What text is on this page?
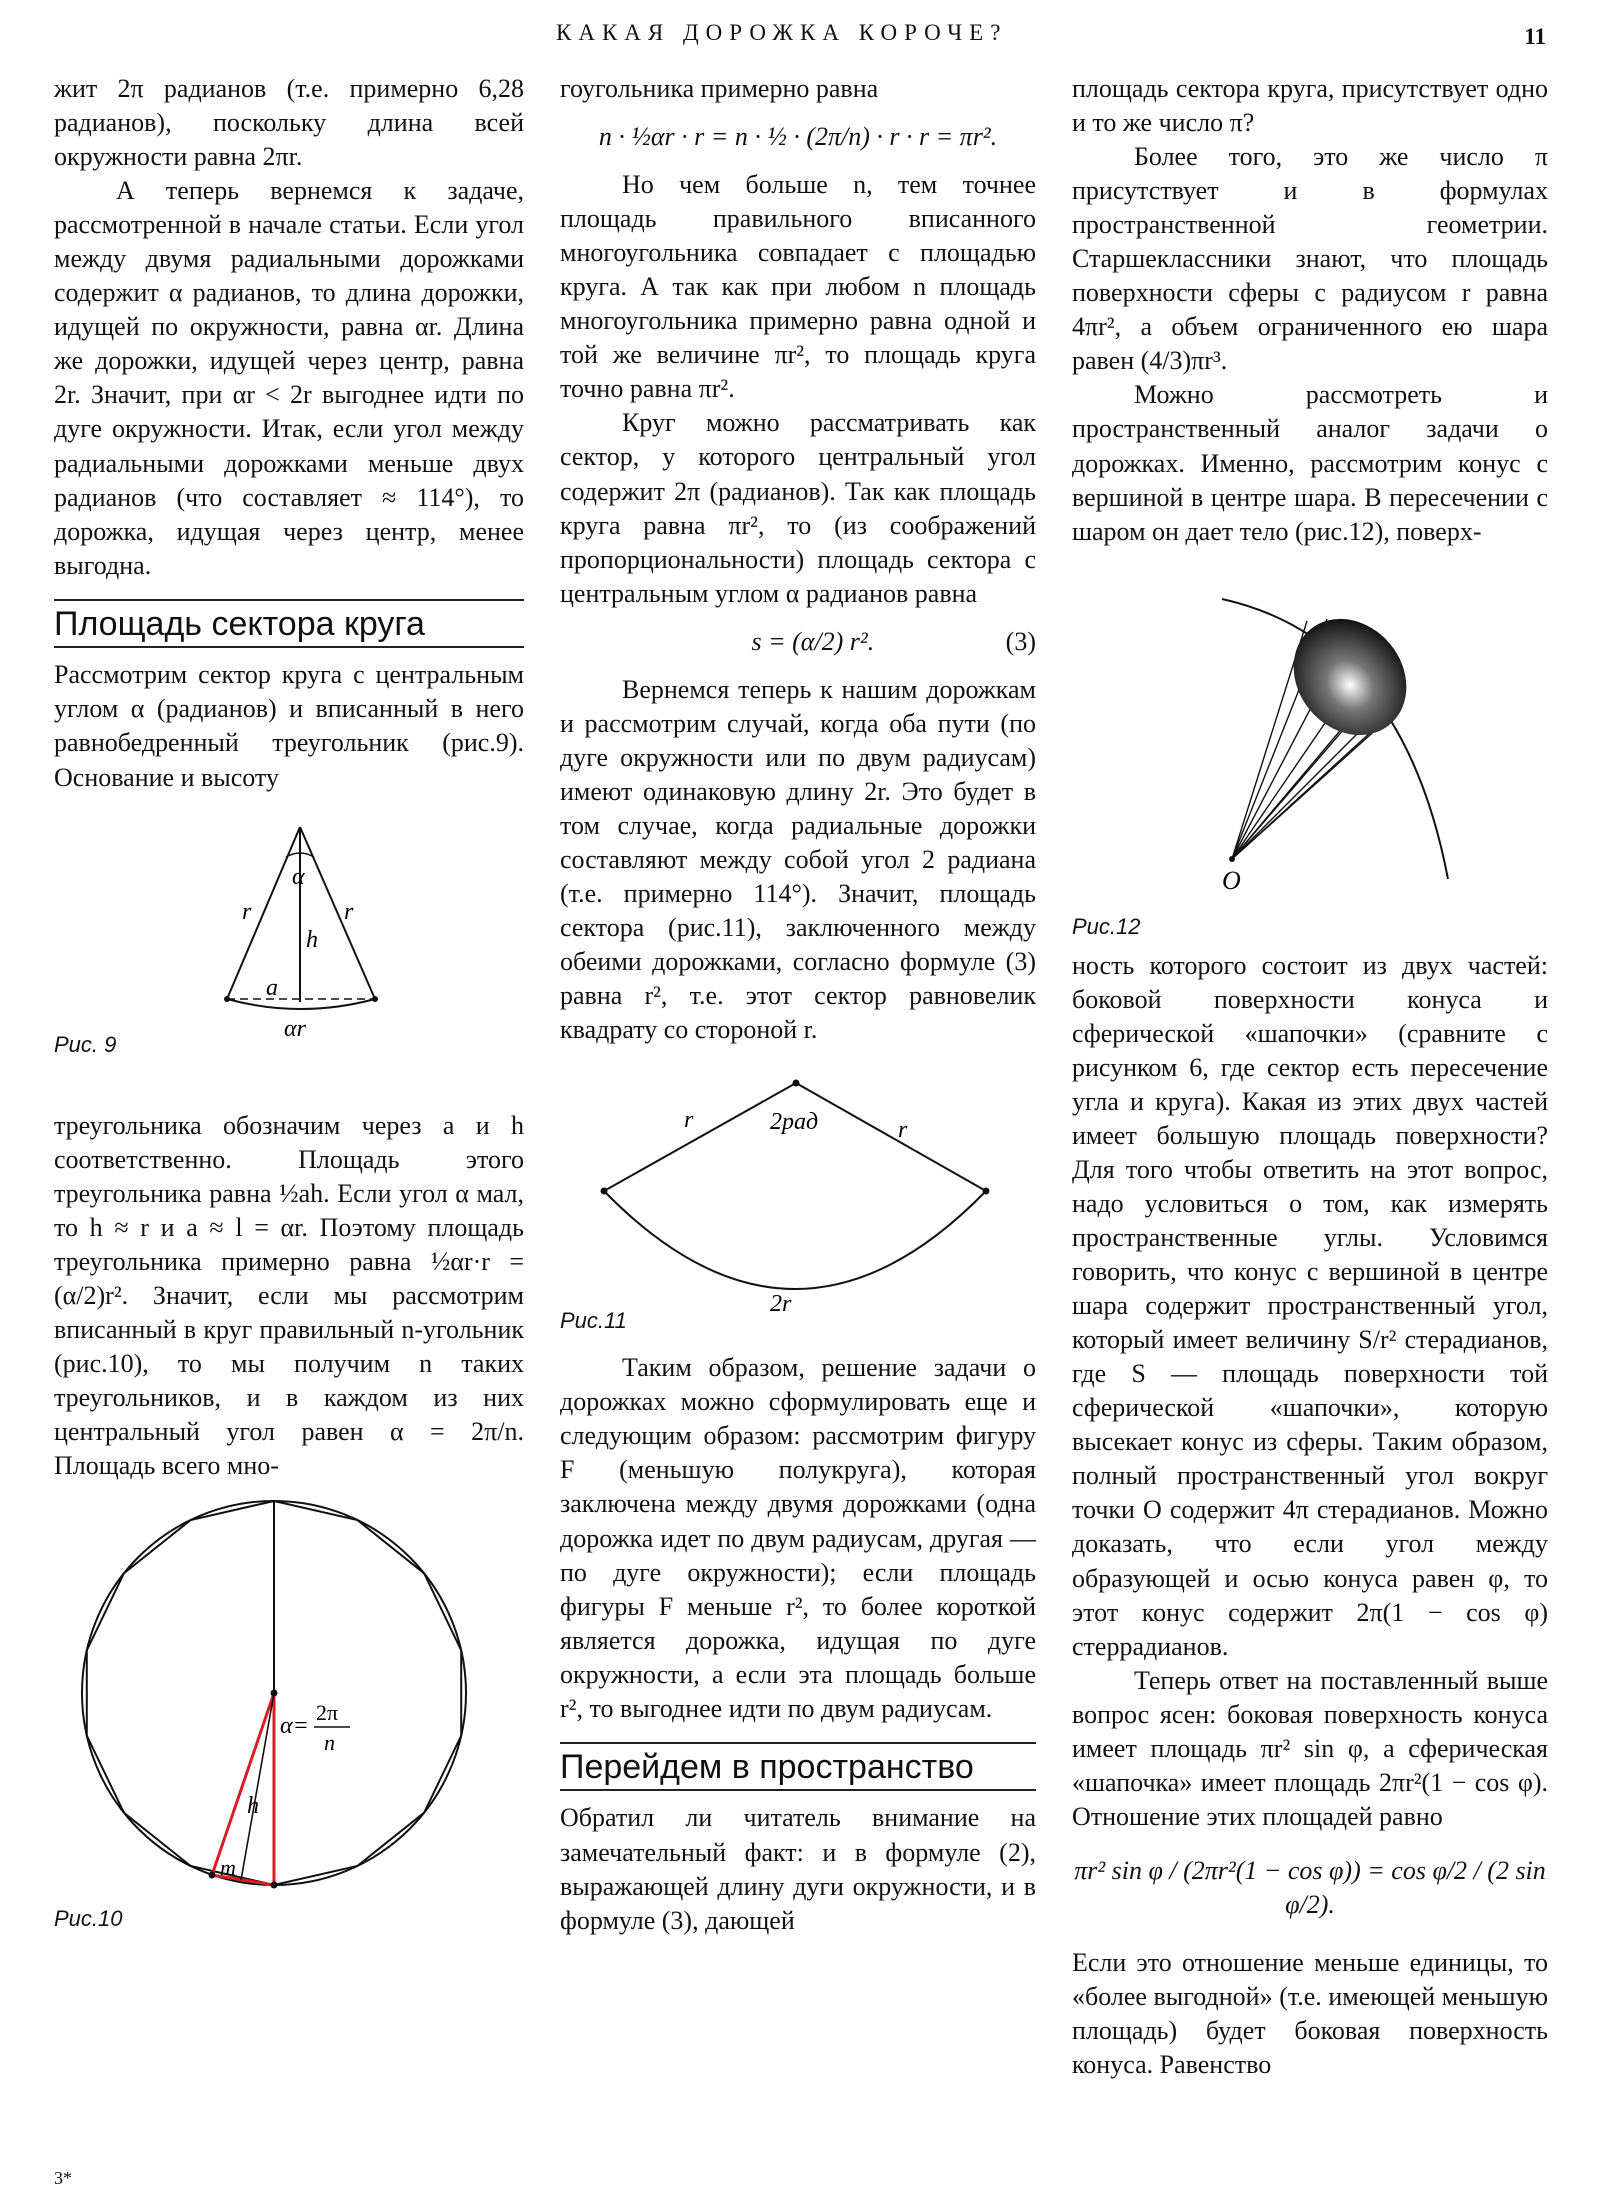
КАКАЯ ДОРОЖКА КОРОЧЕ?	11

жит 2π радианов (т.е. примерно 6,28 радианов), поскольку длина всей окружности равна 2πr.

А теперь вернемся к задаче, рассмотренной в начале статьи. Если угол между двумя радиальными дорожками содержит α радианов, то длина дорожки, идущей по окружности, равна αr. Длина же дорожки, идущей через центр, равна 2r. Значит, при αr < 2r выгоднее идти по дуге окружности. Итак, если угол между радиальными дорожками меньше двух радианов (что составляет ≈ 114°), то дорожка, идущая через центр, менее выгодна.

Площадь сектора круга

Рассмотрим сектор круга с центральным углом α (радианов) и вписанный в него равнобедренный треугольник (рис.9). Основание и высоту

α
r	r
h
a
αr
Рис. 9

треугольника обозначим через a и h соответственно. Площадь этого треугольника равна ½ah. Если угол α мал, то h ≈ r и a ≈ l = αr. Поэтому площадь треугольника примерно равна ½αr·r = (α/2)r². Значит, если мы рассмотрим вписанный в круг правильный n-угольник (рис.10), то мы получим n таких треугольников, и в каждом из них центральный угол равен α = 2π/n. Площадь всего мно-

α=
2π
n
h
m
Рис.10

гоугольника примерно равна

n · ½αr · r = n · ½ · (2π/n) · r · r = πr².

Но чем больше n, тем точнее площадь правильного вписанного многоугольника совпадает с площадью круга. А так как при любом n площадь многоугольника примерно равна одной и той же величине πr², то площадь круга точно равна πr².

Круг можно рассматривать как сектор, у которого центральный угол содержит 2π (радианов). Так как площадь круга равна πr², то (из соображений пропорциональности) площадь сектора с центральным углом α радианов равна

s = (α/2) r².	(3)

Вернемся теперь к нашим дорожкам и рассмотрим случай, когда оба пути (по дуге окружности или по двум радиусам) имеют одинаковую длину 2r. Это будет в том случае, когда радиальные дорожки составляют между собой угол 2 радиана (т.е. примерно 114°). Значит, площадь сектора (рис.11), заключенного между обеими дорожками, согласно формуле (3) равна r², т.е. этот сектор равновелик квадрату со стороной r.

r	r
2рад
2r
Рис.11

Таким образом, решение задачи о дорожках можно сформулировать еще и следующим образом: рассмотрим фигуру F (меньшую полукруга), которая заключена между двумя дорожками (одна дорожка идет по двум радиусам, другая — по дуге окружности); если площадь фигуры F меньше r², то более короткой является дорожка, идущая по дуге окружности, а если эта площадь больше r², то выгоднее идти по двум радиусам.

Перейдем в пространство

Обратил ли читатель внимание на замечательный факт: и в формуле (2), выражающей длину дуги окружности, и в формуле (3), дающей

площадь сектора круга, присутствует одно и то же число π?

Более того, это же число π присутствует и в формулах пространственной геометрии. Старшеклассники знают, что площадь поверхности сферы с радиусом r равна 4πr², а объем ограниченного ею шара равен (4/3)πr³.

Можно рассмотреть и пространственный аналог задачи о дорожках. Именно, рассмотрим конус с вершиной в центре шара. В пересечении с шаром он дает тело (рис.12), поверх-

O
Рис.12

ность которого состоит из двух частей: боковой поверхности конуса и сферической «шапочки» (сравните с рисунком 6, где сектор есть пересечение угла и круга). Какая из этих двух частей имеет большую площадь поверхности? Для того чтобы ответить на этот вопрос, надо условиться о том, как измерять пространственные углы. Условимся говорить, что конус с вершиной в центре шара содержит пространственный угол, который имеет величину S/r² стерадианов, где S — площадь поверхности той сферической «шапочки», которую высекает конус из сферы. Таким образом, полный пространственный угол вокруг точки O содержит 4π стерадианов. Можно доказать, что если угол между образующей и осью конуса равен φ, то этот конус содержит 2π(1 − cos φ) стеррадианов.

Теперь ответ на поставленный выше вопрос ясен: боковая поверхность конуса имеет площадь πr² sin φ, а сферическая «шапочка» имеет площадь 2πr²(1 − cos φ). Отношение этих площадей равно

πr² sin φ / (2πr²(1 − cos φ)) = cos φ/2 / (2 sin φ/2).

Если это отношение меньше единицы, то «более выгодной» (т.е. имеющей меньшую площадь) будет боковая поверхность конуса. Равенство

3*
